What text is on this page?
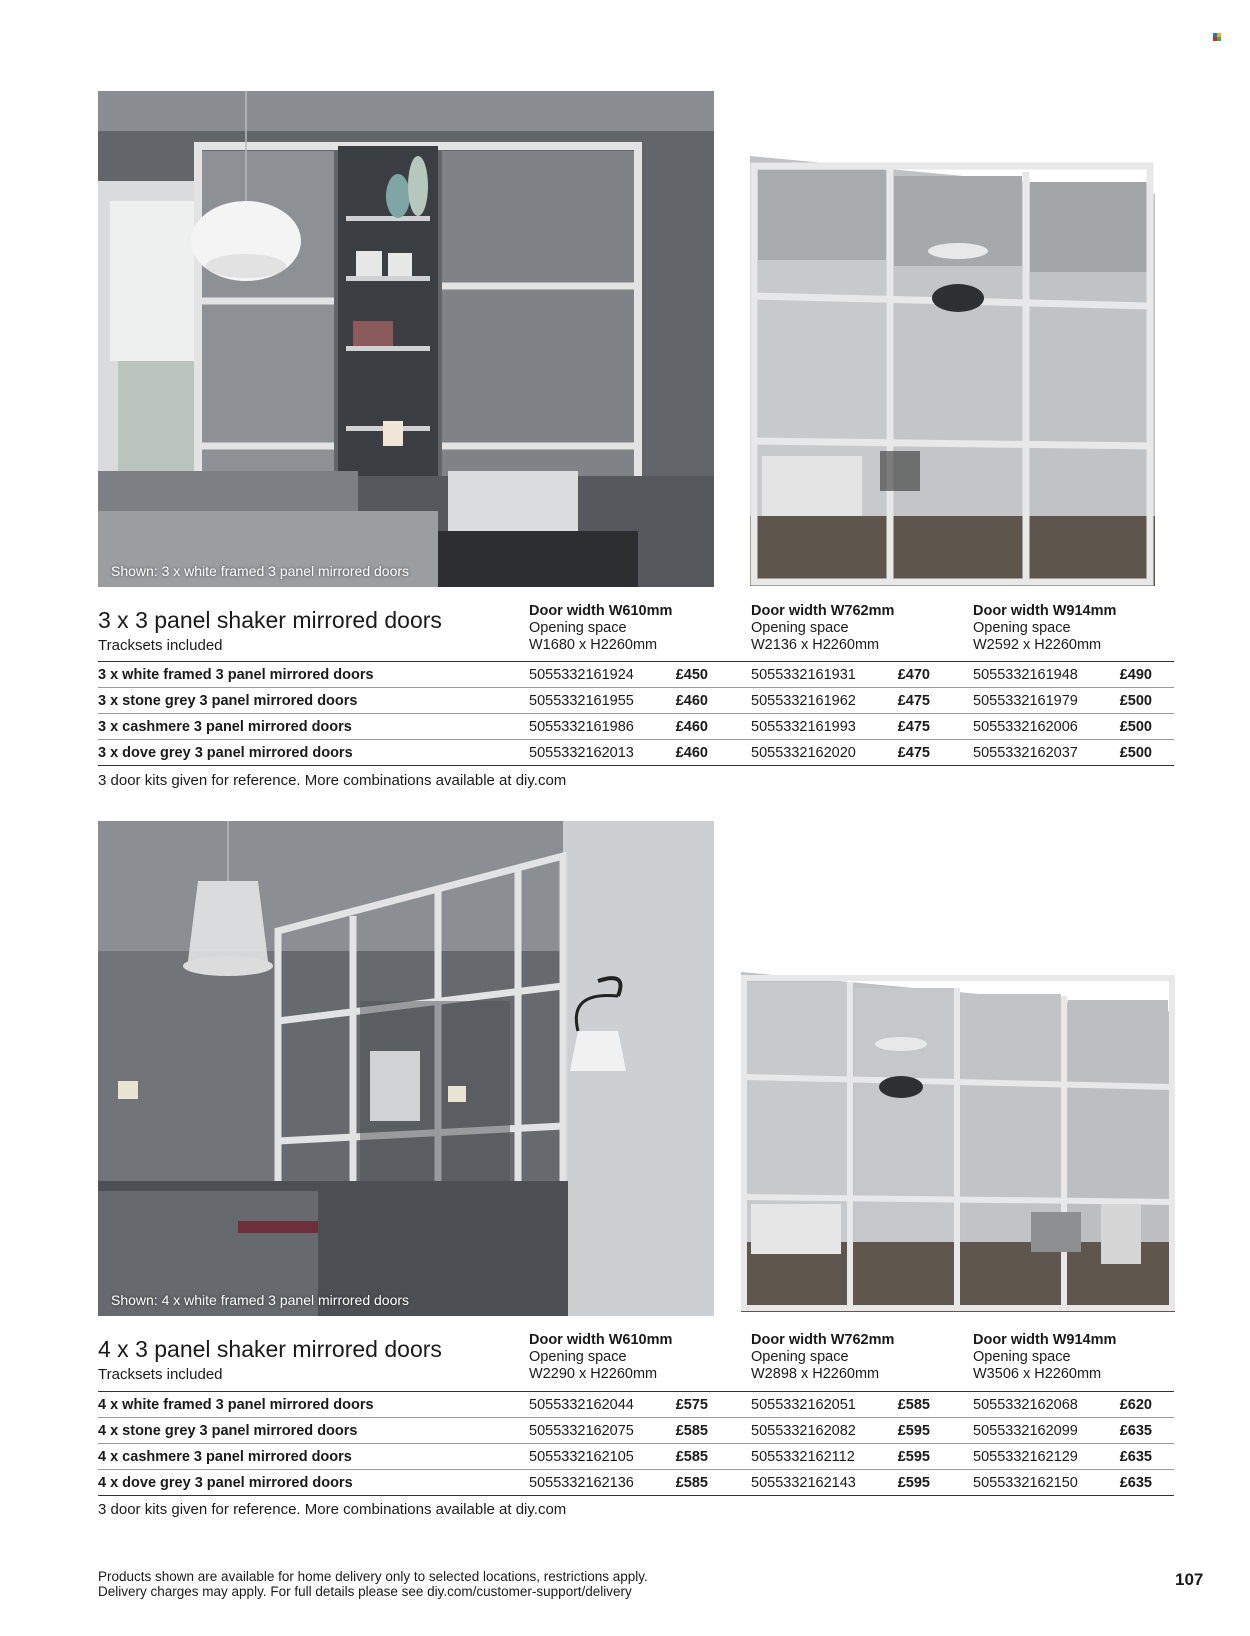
Shown: 3 x white framed 3 panel mirrored doors
3 x 3 panel shaker mirrored doors
Tracksets included
Door width W610mm
Opening space
W1680 x H2260mm
Door width W762mm
Opening space
W2136 x H2260mm
Door width W914mm
Opening space
W2592 x H2260mm
3 x white framed 3 panel mirrored doors	5055332161924	£450	5055332161931	£470	5055332161948	£490
3 x stone grey 3 panel mirrored doors	5055332161955	£460	5055332161962	£475	5055332161979	£500
3 x cashmere 3 panel mirrored doors	5055332161986	£460	5055332161993	£475	5055332162006	£500
3 x dove grey 3 panel mirrored doors	5055332162013	£460	5055332162020	£475	5055332162037	£500
3 door kits given for reference. More combinations available at diy.com
Shown: 4 x white framed 3 panel mirrored doors
4 x 3 panel shaker mirrored doors
Tracksets included
Door width W610mm
Opening space
W2290 x H2260mm
Door width W762mm
Opening space
W2898 x H2260mm
Door width W914mm
Opening space
W3506 x H2260mm
4 x white framed 3 panel mirrored doors	5055332162044	£575	5055332162051	£585	5055332162068	£620
4 x stone grey 3 panel mirrored doors	5055332162075	£585	5055332162082	£595	5055332162099	£635
4 x cashmere 3 panel mirrored doors	5055332162105	£585	5055332162112	£595	5055332162129	£635
4 x dove grey 3 panel mirrored doors	5055332162136	£585	5055332162143	£595	5055332162150	£635
3 door kits given for reference. More combinations available at diy.com
Products shown are available for home delivery only to selected locations, restrictions apply.
Delivery charges may apply. For full details please see diy.com/customer-support/delivery
107
